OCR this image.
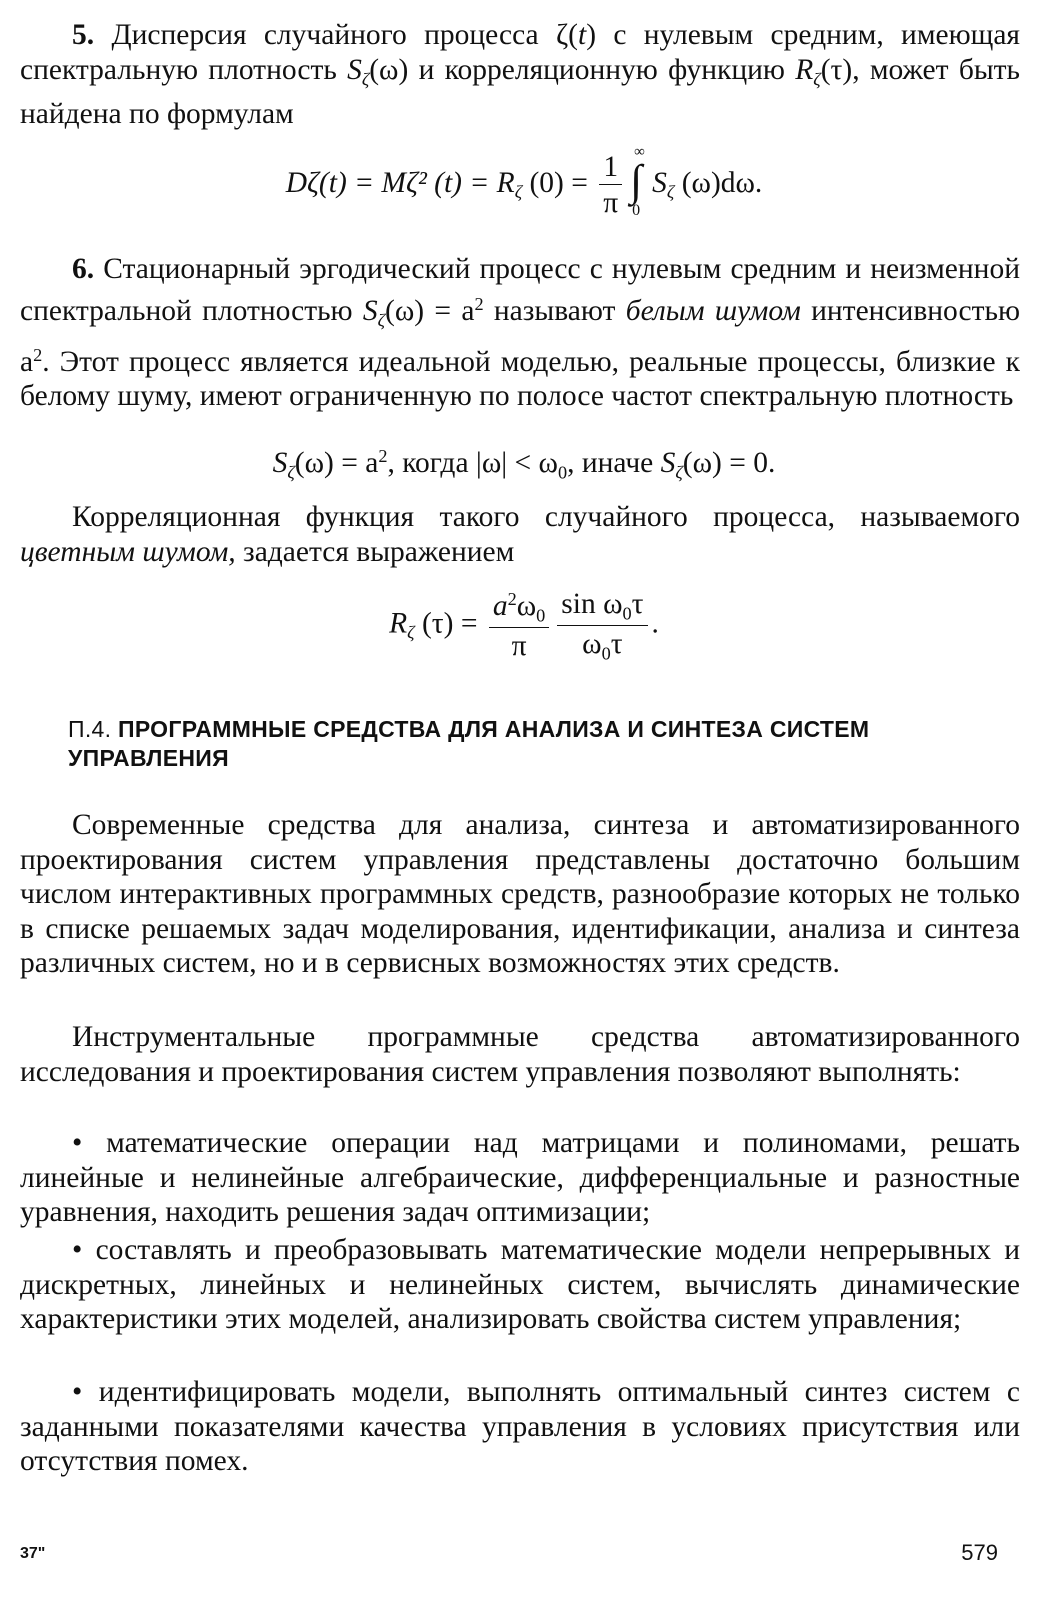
5. Дисперсия случайного процесса ζ(t) с нулевым средним, имеющая спектральную плотность $S_\zeta(\omega)$ и корреляционную функцию $R_\zeta(\tau)$, может быть найдена по формулам
Dζ(t) = Mζ² $(t) = R_\zeta$ $(0) = \frac{1}{\pi}$ ∞
∫
0
$S_\zeta$ (ω)dω.
6. Стационарный эргодический процесс с нулевым средним и неизменной спектральной плотностью $S_\zeta(\omega) = a^2$ называют белым шумом интенсивностью $a^2$. Этот процесс является идеальной моделью, реальные процессы, близкие к белому шуму, имеют ограниченную по полосе частот спектральную плотность
$S_\zeta(\omega) = a^2$, когда $|\omega| < \omega_0$, иначе $S_\zeta(\omega) = 0$.
Корреляционная функция такого случайного процесса, называемого цветным шумом, задается выражением
$R_\zeta$ $(\tau) = \frac{a^2\omega_0}{\pi} \frac{\sin \omega_0\tau}{\omega_0\tau}$ .
П.4. ПРОГРАММНЫЕ СРЕДСТВА ДЛЯ АНАЛИЗА И СИНТЕЗА СИСТЕМ УПРАВЛЕНИЯ
Современные средства для анализа, синтеза и автоматизированного проектирования систем управления представлены достаточно большим числом интерактивных программных средств, разнообразие которых не только в списке решаемых задач моделирования, идентификации, анализа и синтеза различных систем, но и в сервисных возможностях этих средств.
Инструментальные программные средства автоматизированного исследования и проектирования систем управления позволяют выполнять:
• математические операции над матрицами и полиномами, решать линейные и нелинейные алгебраические, дифференциальные и разностные уравнения, находить решения задач оптимизации;
• составлять и преобразовывать математические модели непрерывных и дискретных, линейных и нелинейных систем, вычислять динамические характеристики этих моделей, анализировать свойства систем управления;
• идентифицировать модели, выполнять оптимальный синтез систем с заданными показателями качества управления в условиях присутствия или отсутствия помех.
37"	579
